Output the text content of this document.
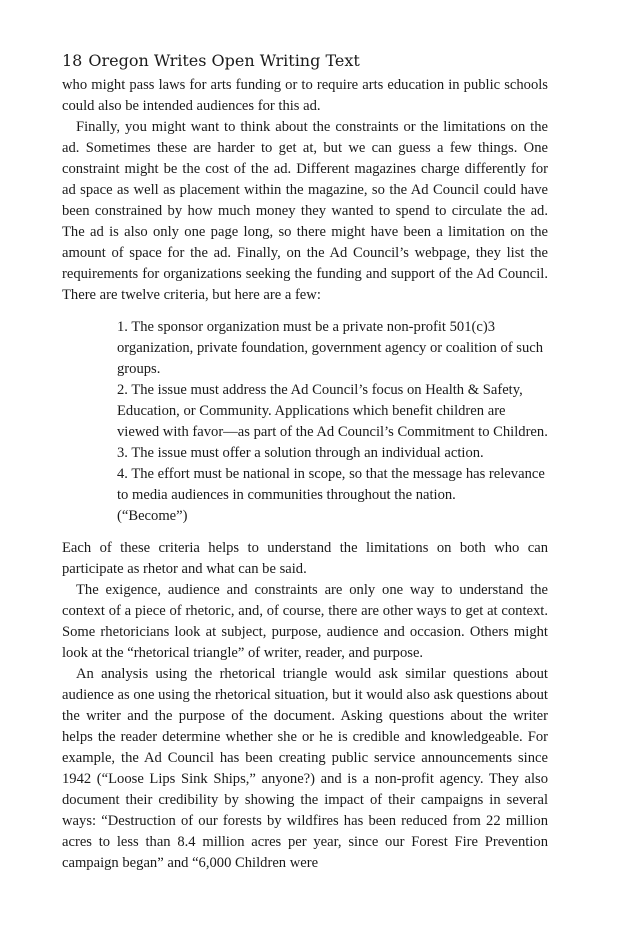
18 Oregon Writes Open Writing Text

who might pass laws for arts funding or to require arts education in public schools could also be intended audiences for this ad.

Finally, you might want to think about the constraints or the limitations on the ad. Sometimes these are harder to get at, but we can guess a few things. One constraint might be the cost of the ad. Different magazines charge differently for ad space as well as placement within the magazine, so the Ad Council could have been constrained by how much money they wanted to spend to circulate the ad. The ad is also only one page long, so there might have been a limitation on the amount of space for the ad. Finally, on the Ad Council’s webpage, they list the requirements for organizations seeking the funding and support of the Ad Council. There are twelve criteria, but here are a few:

1. The sponsor organization must be a private non-profit 501(c)3 organization, private foundation, government agency or coalition of such groups.

2. The issue must address the Ad Council’s focus on Health & Safety, Education, or Community. Applications which benefit children are viewed with favor—as part of the Ad Council’s Commitment to Children.

3. The issue must offer a solution through an individual action.

4. The effort must be national in scope, so that the message has relevance to media audiences in communities throughout the nation.

(“Become”)

Each of these criteria helps to understand the limitations on both who can participate as rhetor and what can be said.

The exigence, audience and constraints are only one way to understand the context of a piece of rhetoric, and, of course, there are other ways to get at context. Some rhetoricians look at subject, purpose, audience and occasion. Others might look at the “rhetorical triangle” of writer, reader, and purpose.

An analysis using the rhetorical triangle would ask similar questions about audience as one using the rhetorical situation, but it would also ask questions about the writer and the purpose of the document. Asking questions about the writer helps the reader determine whether she or he is credible and knowledgeable. For example, the Ad Council has been creating public service announcements since 1942 (“Loose Lips Sink Ships,” anyone?) and is a non-profit agency. They also document their credibility by showing the impact of their campaigns in several ways: “Destruction of our forests by wildfires has been reduced from 22 million acres to less than 8.4 million acres per year, since our Forest Fire Prevention campaign began” and “6,000 Children were
